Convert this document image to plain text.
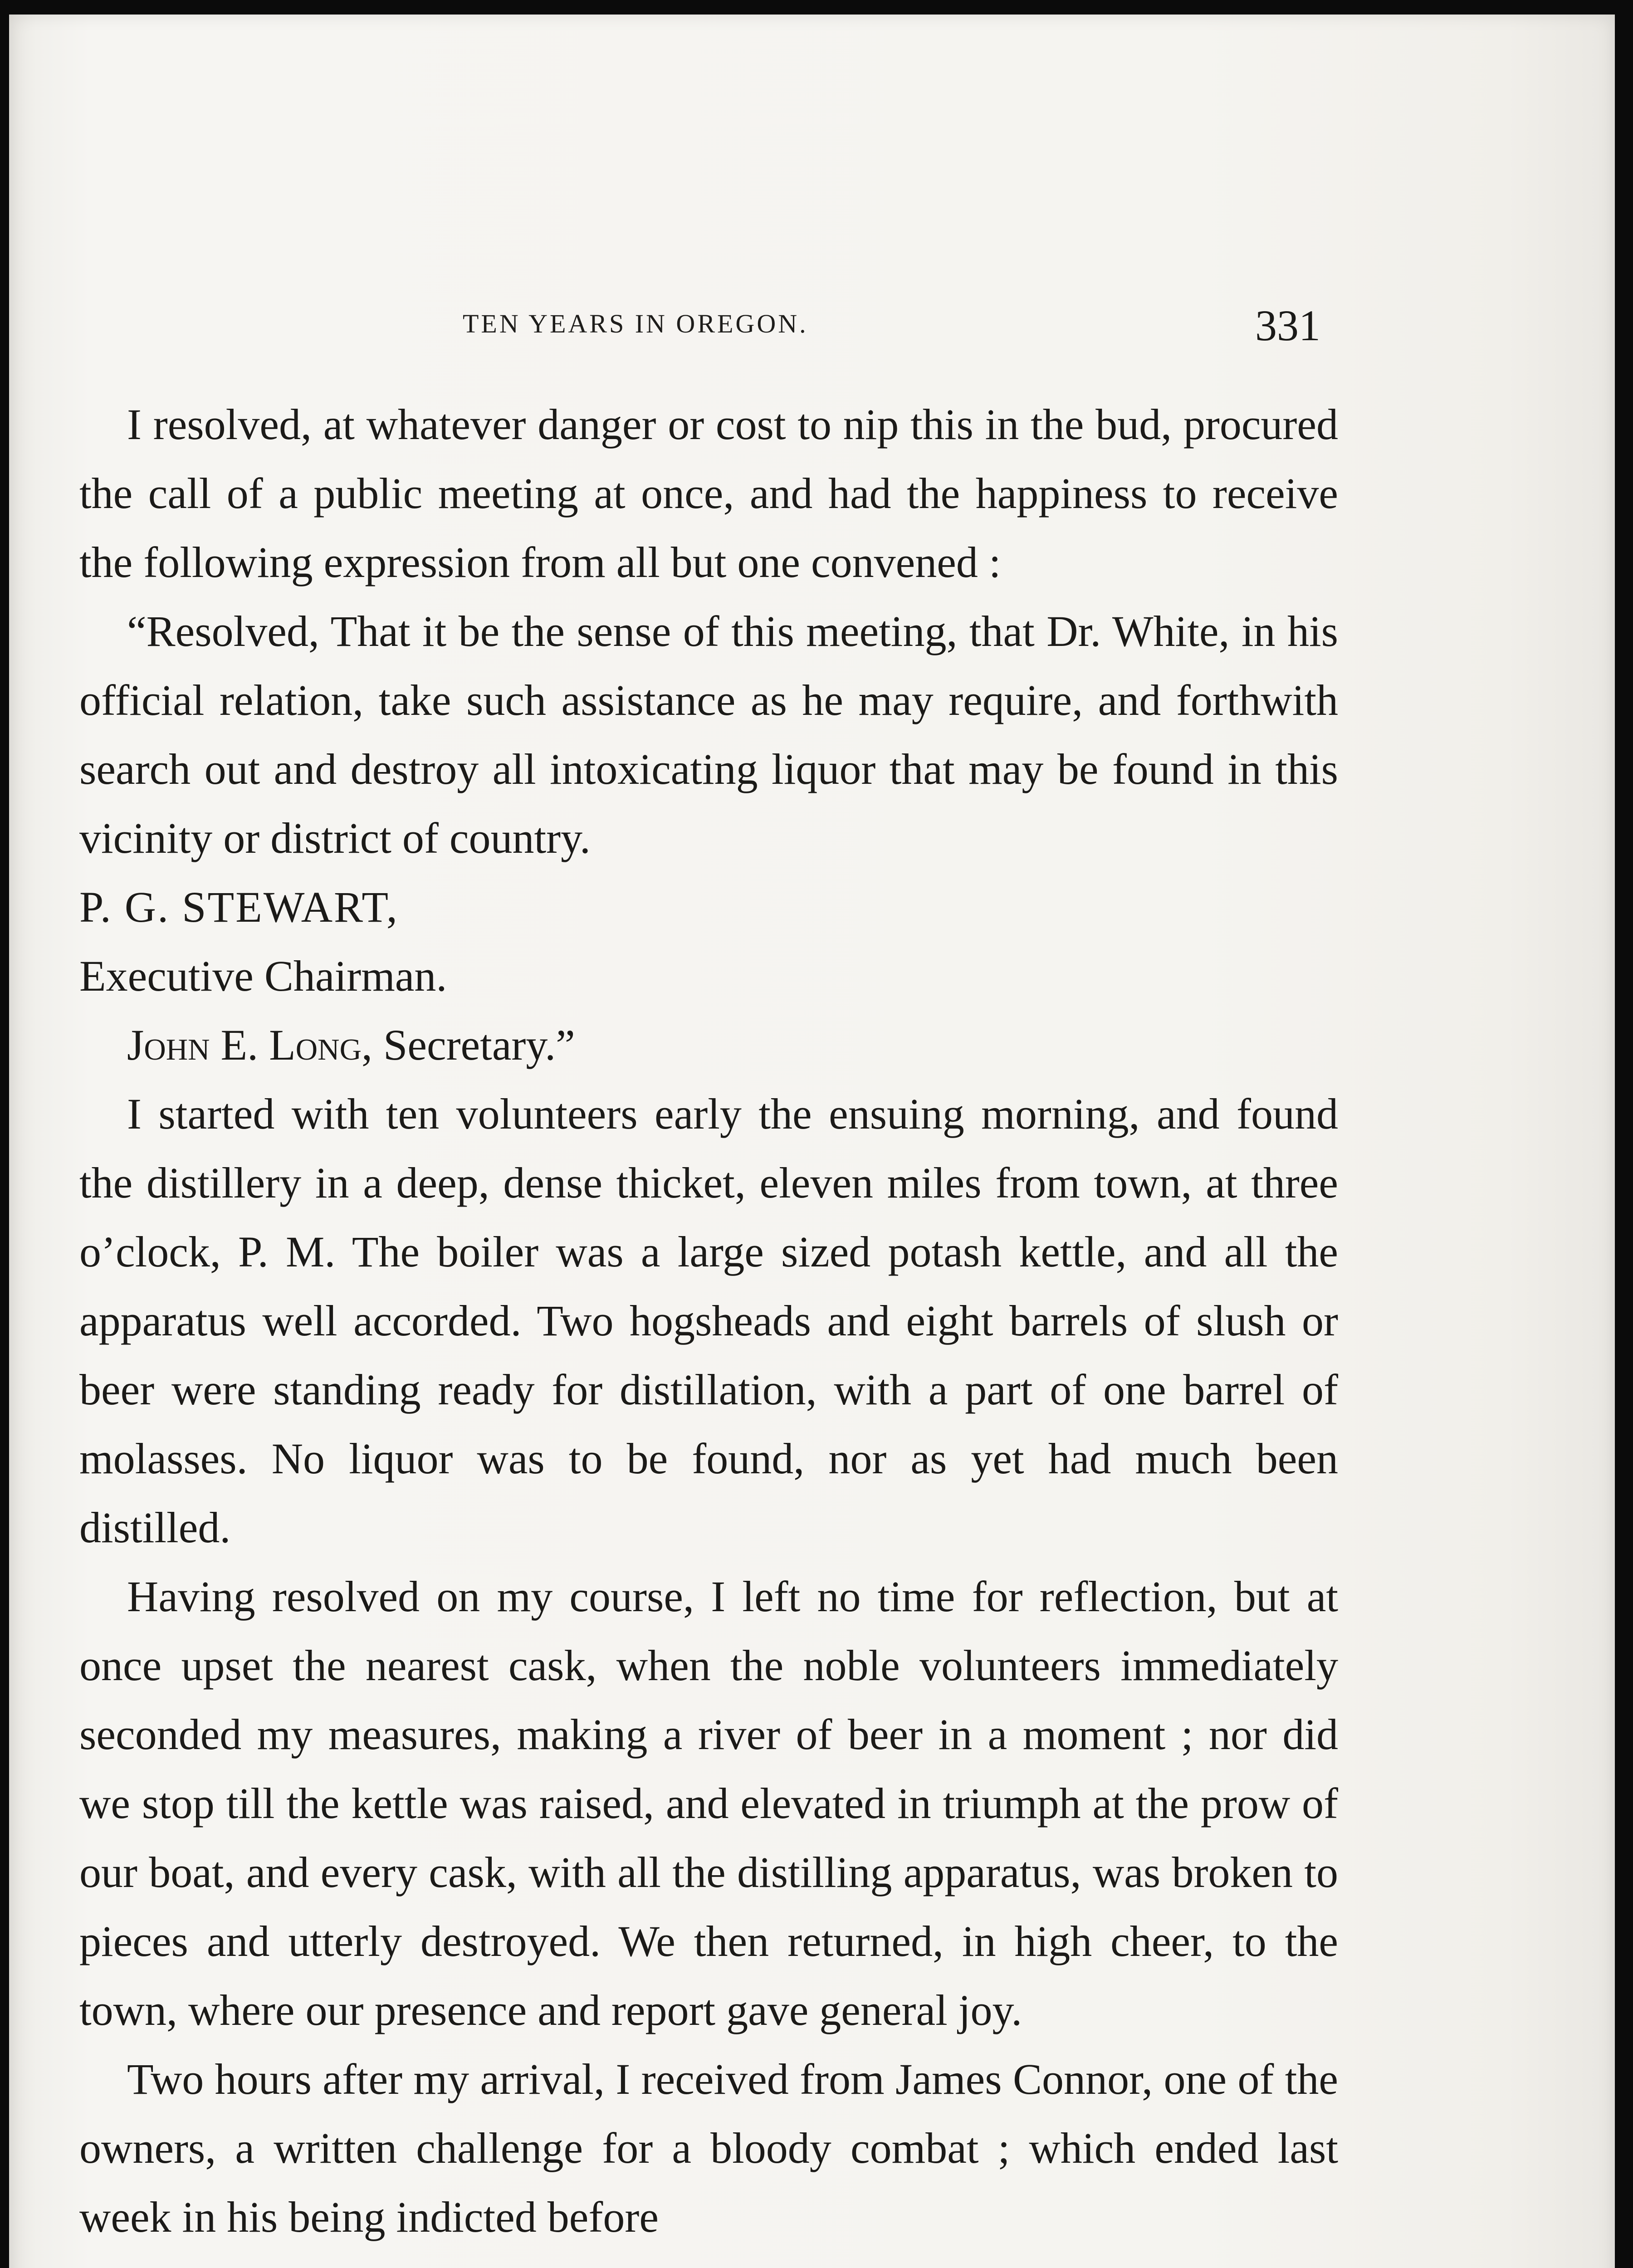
TEN YEARS IN OREGON.	331

I resolved, at whatever danger or cost to nip this in the bud, procured the call of a public meeting at once, and had the happiness to receive the following expression from all but one convened :

“Resolved, That it be the sense of this meeting, that Dr. White, in his official relation, take such assistance as he may require, and forthwith search out and destroy all intoxicating liquor that may be found in this vicinity or district of country.

P. G. STEWART,

Executive Chairman.

John E. Long, Secretary.”

I started with ten volunteers early the ensuing morning, and found the distillery in a deep, dense thicket, eleven miles from town, at three o’clock, P. M. The boiler was a large sized potash kettle, and all the apparatus well accorded. Two hogsheads and eight barrels of slush or beer were standing ready for distillation, with a part of one barrel of molasses. No liquor was to be found, nor as yet had much been distilled.

Having resolved on my course, I left no time for reflection, but at once upset the nearest cask, when the noble volunteers immediately seconded my measures, making a river of beer in a moment ; nor did we stop till the kettle was raised, and elevated in triumph at the prow of our boat, and every cask, with all the distilling apparatus, was broken to pieces and utterly destroyed. We then returned, in high cheer, to the town, where our presence and report gave general joy.

Two hours after my arrival, I received from James Connor, one of the owners, a written challenge for a bloody combat ; which ended last week in his being indicted before
